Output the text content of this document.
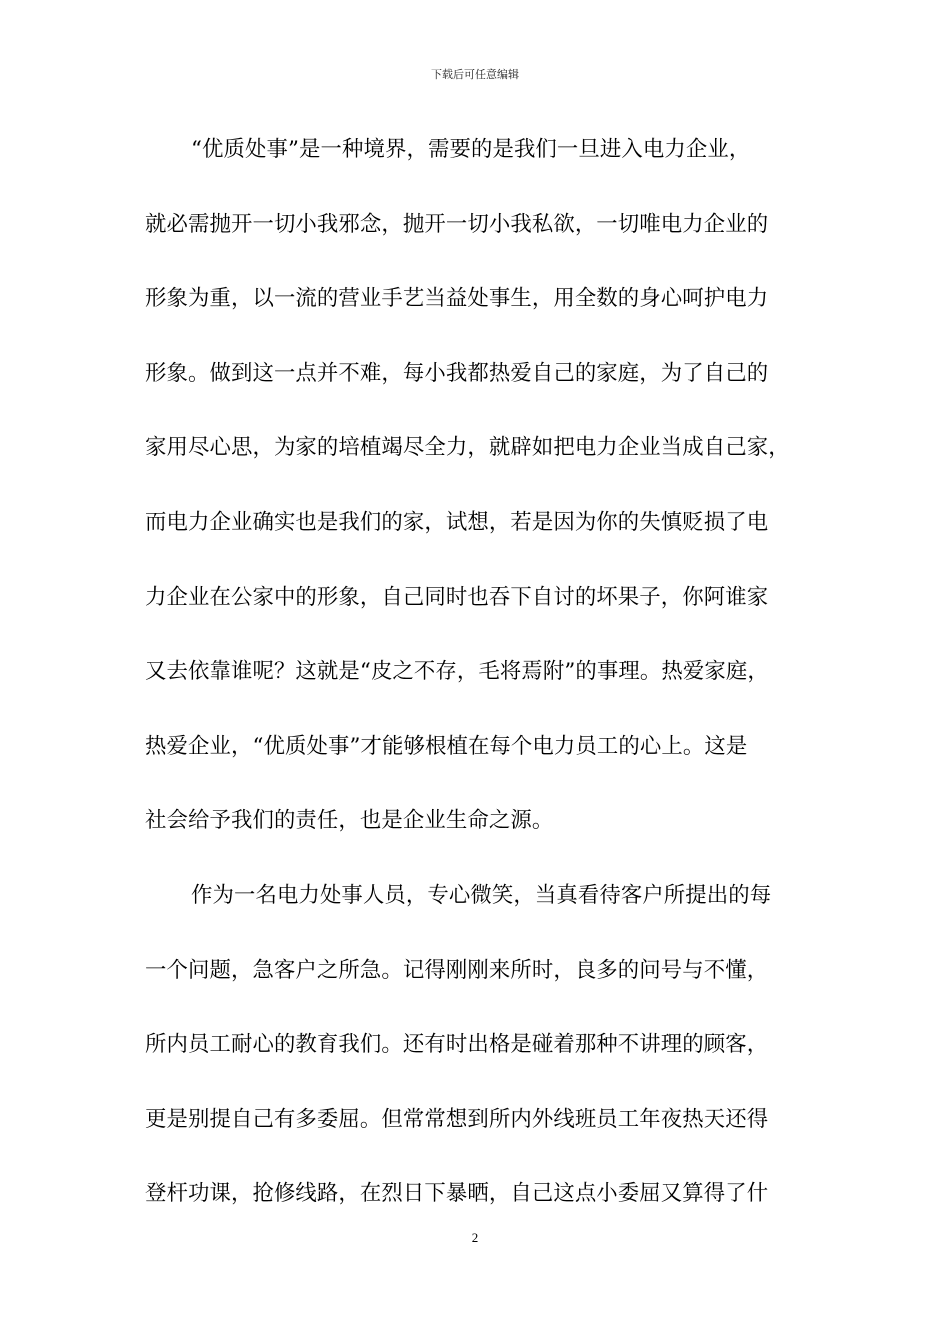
下载后可任意编辑
“优质处事”是一种境界，需要的是我们一旦进入电力企业，
就必需抛开一切小我邪念，抛开一切小我私欲，一切唯电力企业的
形象为重，以一流的营业手艺当益处事生，用全数的身心呵护电力
形象。做到这一点并不难，每小我都热爱自己的家庭，为了自己的
家用尽心思，为家的培植竭尽全力，就辟如把电力企业当成自己家，
而电力企业确实也是我们的家，试想，若是因为你的失慎贬损了电
力企业在公家中的形象，自己同时也吞下自讨的坏果子，你阿谁家
又去依靠谁呢？这就是“皮之不存，毛将焉附”的事理。热爱家庭，
热爱企业，“优质处事”才能够根植在每个电力员工的心上。这是
社会给予我们的责任，也是企业生命之源。
作为一名电力处事人员，专心微笑，当真看待客户所提出的每
一个问题，急客户之所急。记得刚刚来所时，良多的问号与不懂，
所内员工耐心的教育我们。还有时出格是碰着那种不讲理的顾客，
更是别提自己有多委屈。但常常想到所内外线班员工年夜热天还得
登杆功课，抢修线路，在烈日下暴晒，自己这点小委屈又算得了什
2
